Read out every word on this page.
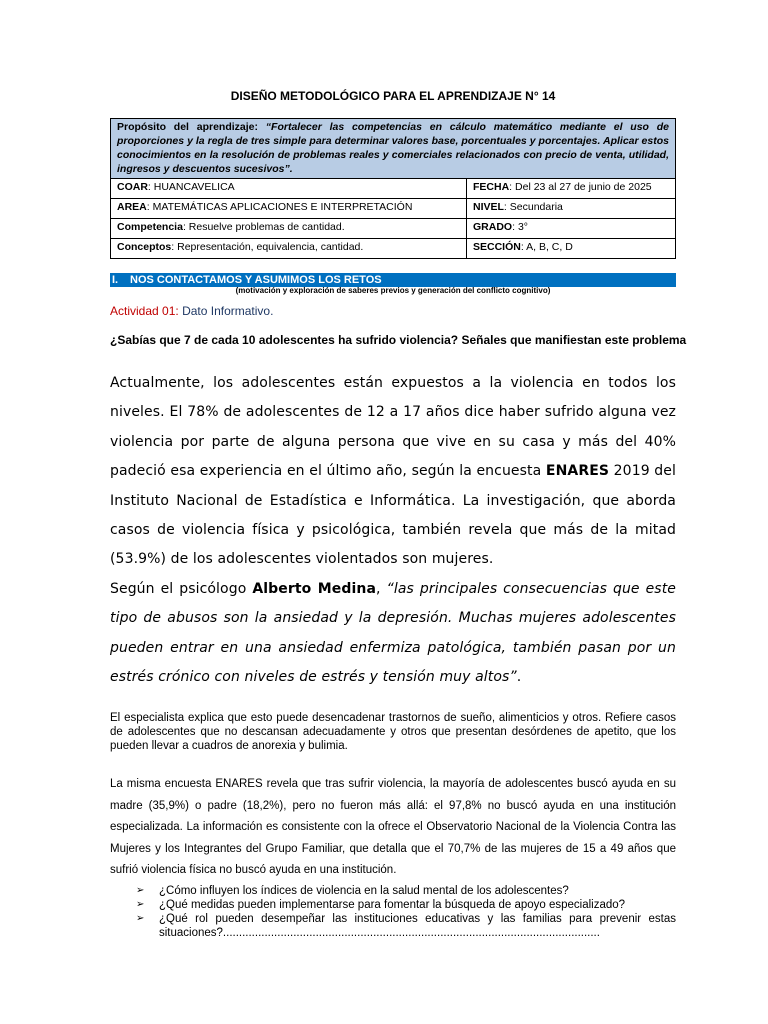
DISEÑO METODOLÓGICO PARA EL APRENDIZAJE N° 14
Propósito del aprendizaje: “Fortalecer las competencias en cálculo matemático mediante el uso de proporciones y la regla de tres simple para determinar valores base, porcentuales y porcentajes. Aplicar estos conocimientos en la resolución de problemas reales y comerciales relacionados con precio de venta, utilidad, ingresos y descuentos sucesivos”.	
COAR: HUANCAVELICA	FECHA: Del 23 al 27 de junio de 2025
AREA: MATEMÁTICAS APLICACIONES E INTERPRETACIÓN	NIVEL: Secundaria
Competencia: Resuelve problemas de cantidad.	GRADO: 3°
Conceptos: Representación, equivalencia, cantidad.	SECCIÓN: A, B, C, D
I. NOS CONTACTAMOS Y ASUMIMOS LOS RETOS
(motivación y exploración de saberes previos y generación del conflicto cognitivo)
Actividad 01: Dato Informativo.
¿Sabías que 7 de cada 10 adolescentes ha sufrido violencia? Señales que manifiestan este problema

Actualmente, los adolescentes están expuestos a la violencia en todos los niveles. El 78% de adolescentes de 12 a 17 años dice haber sufrido alguna vez violencia por parte de alguna persona que vive en su casa y más del 40% padeció esa experiencia en el último año, según la encuesta ENARES 2019 del Instituto Nacional de Estadística e Informática. La investigación, que aborda casos de violencia física y psicológica, también revela que más de la mitad (53.9%) de los adolescentes violentados son mujeres.

Según el psicólogo Alberto Medina, “las principales consecuencias que este tipo de abusos son la ansiedad y la depresión. Muchas mujeres adolescentes pueden entrar en una ansiedad enfermiza patológica, también pasan por un estrés crónico con niveles de estrés y tensión muy altos”.

El especialista explica que esto puede desencadenar trastornos de sueño, alimenticios y otros. Refiere casos de adolescentes que no descansan adecuadamente y otros que presentan desórdenes de apetito, que los pueden llevar a cuadros de anorexia y bulimia.
La misma encuesta ENARES revela que tras sufrir violencia, la mayoría de adolescentes buscó ayuda en su madre (35,9%) o padre (18,2%), pero no fueron más allá: el 97,8% no buscó ayuda en una institución especializada. La información es consistente con la ofrece el Observatorio Nacional de la Violencia Contra las Mujeres y los Integrantes del Grupo Familiar, que detalla que el 70,7% de las mujeres de 15 a 49 años que sufrió violencia física no buscó ayuda en una institución.
➢ ¿Cómo influyen los índices de violencia en la salud mental de los adolescentes?
➢ ¿Qué medidas pueden implementarse para fomentar la búsqueda de apoyo especializado?
➢ ¿Qué rol pueden desempeñar las instituciones educativas y las familias para prevenir estas situaciones?......................................................................................................................
